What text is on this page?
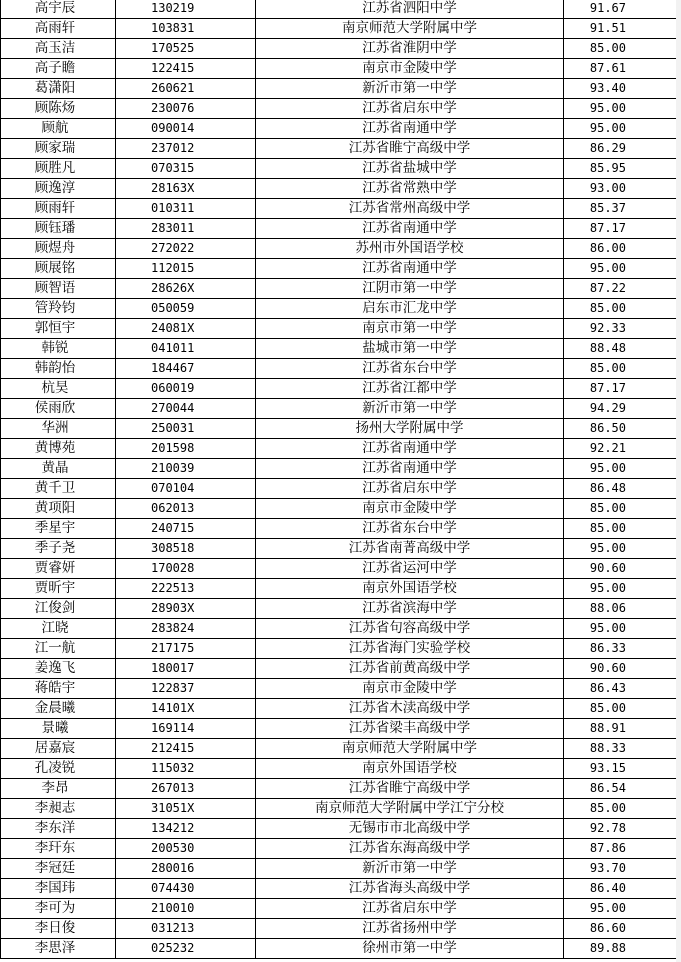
高宇辰	130219	江苏省泗阳中学	91.67
高雨轩	103831	南京师范大学附属中学	91.51
高玉洁	170525	江苏省淮阴中学	85.00
高子瞻	122415	南京市金陵中学	87.61
葛潇阳	260621	新沂市第一中学	93.40
顾陈炀	230076	江苏省启东中学	95.00
顾航	090014	江苏省南通中学	95.00
顾家瑞	237012	江苏省睢宁高级中学	86.29
顾胜凡	070315	江苏省盐城中学	85.95
顾逸淳	28163X	江苏省常熟中学	93.00
顾雨轩	010311	江苏省常州高级中学	85.37
顾钰璠	283011	江苏省南通中学	87.17
顾煜舟	272022	苏州市外国语学校	86.00
顾展铭	112015	江苏省南通中学	95.00
顾智语	28626X	江阴市第一中学	87.22
管羚钧	050059	启东市汇龙中学	85.00
郭恒宇	24081X	南京市第一中学	92.33
韩锐	041011	盐城市第一中学	88.48
韩韵怡	184467	江苏省东台中学	85.00
杭昊	060019	江苏省江都中学	87.17
侯雨欣	270044	新沂市第一中学	94.29
华洲	250031	扬州大学附属中学	86.50
黄博苑	201598	江苏省南通中学	92.21
黄晶	210039	江苏省南通中学	95.00
黄千卫	070104	江苏省启东中学	86.48
黄项阳	062013	南京市金陵中学	85.00
季星宇	240715	江苏省东台中学	85.00
季子尧	308518	江苏省南菁高级中学	95.00
贾睿妍	170028	江苏省运河中学	90.60
贾昕宇	222513	南京外国语学校	95.00
江俊剑	28903X	江苏省滨海中学	88.06
江晓	283824	江苏省句容高级中学	95.00
江一航	217175	江苏省海门实验学校	86.33
姜逸飞	180017	江苏省前黄高级中学	90.60
蒋皓宇	122837	南京市金陵中学	86.43
金晨曦	14101X	江苏省木渎高级中学	85.00
景曦	169114	江苏省梁丰高级中学	88.91
居嘉宸	212415	南京师范大学附属中学	88.33
孔凌锐	115032	南京外国语学校	93.15
李昂	267013	江苏省睢宁高级中学	86.54
李昶志	31051X	南京师范大学附属中学江宁分校	85.00
李东洋	134212	无锡市市北高级中学	92.78
李玕东	200530	江苏省东海高级中学	87.86
李冠廷	280016	新沂市第一中学	93.70
李国玮	074430	江苏省海头高级中学	86.40
李可为	210010	江苏省启东中学	95.00
李日俊	031213	江苏省扬州中学	86.60
李思泽	025232	徐州市第一中学	89.88
